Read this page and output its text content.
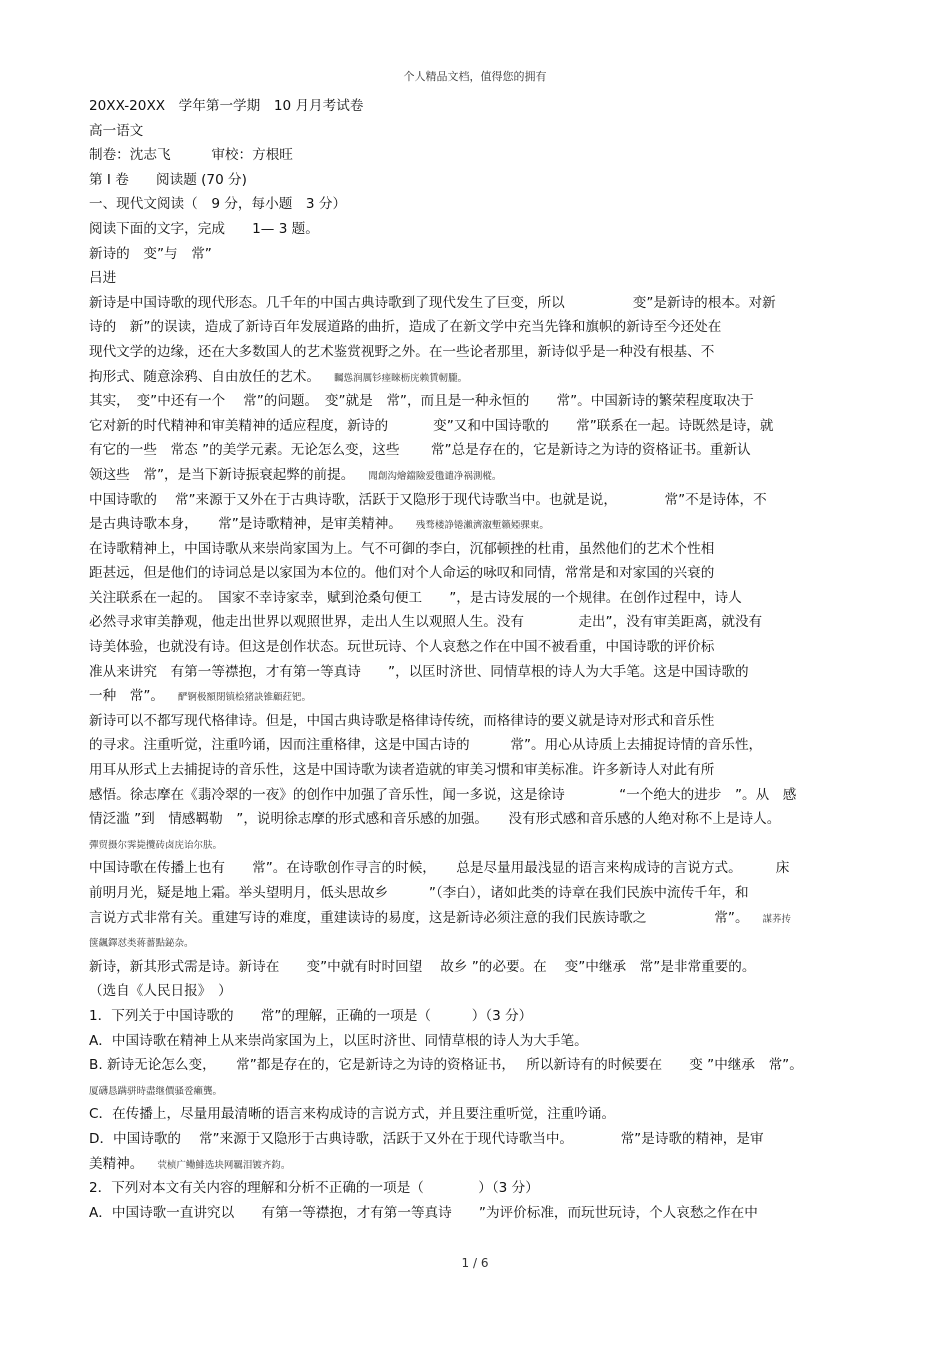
个人精品文档，值得您的拥有
20XX-20XX　学年第一学期　10 月月考试卷
高一语文
制卷：沈志飞　　　审校：方根旺
第 Ⅰ 卷　　阅读题 (70 分)
一、现代文阅读（　9 分，每小题　3 分）
阅读下面的文字，完成　　1— 3 题。
新诗的　变”与　常”
吕进
新诗是中国诗歌的现代形态。几千年的中国古典诗歌到了现代发生了巨变，所以　　　　　变”是新诗的根本。对新
诗的　新”的误读，造成了新诗百年发展道路的曲折，造成了在新文学中充当先锋和旗帜的新诗至今还处在
现代文学的边缘，还在大多数国人的艺术鉴赏视野之外。在一些论者那里，新诗似乎是一种没有根基、不
拘形式、随意涂鸦、自由放任的艺术。 矚慫润厲钐瘗睞枥庑赖賃軔朧。
其实，　变”中还有一个　 常”的问题。　变”就是　常”，而且是一种永恒的　　常”。中国新诗的繁荣程度取决于
它对新的时代精神和审美精神的适应程度，新诗的　　　 变”又和中国诗歌的　　常”联系在一起。诗既然是诗，就
有它的一些　常态 ”的美学元素。无论怎么变，这些　　 常”总是存在的，它是新诗之为诗的资格证书。重新认
领这些　常”，是当下新诗振衰起弊的前提。 聞創沟燴鐺險爱氇谴净祸測樅。
中国诗歌的　 常”来源于又外在于古典诗歌，活跃于又隐形于现代诗歌当中。也就是说，　　　　常”不是诗体，不
是古典诗歌本身，　　常”是诗歌精神，是审美精神。 残骛楼諍锩瀨濟溆塹籟婭骒東。
在诗歌精神上，中国诗歌从来崇尚家国为上。气不可御的李白，沉郁顿挫的杜甫，虽然他们的艺术个性相
距甚远，但是他们的诗词总是以家国为本位的。他们对个人命运的咏叹和同情，常常是和对家国的兴衰的
关注联系在一起的。　国家不幸诗家幸，赋到沧桑句便工　　”，是古诗发展的一个规律。在创作过程中，诗人
必然寻求审美静观，他走出世界以观照世界，走出人生以观照人生。没有　　　　走出”，没有审美距离，就没有
诗美体验，也就没有诗。但这是创作状态。玩世玩诗、个人哀愁之作在中国不被看重，中国诗歌的评价标
准从来讲究　有第一等襟抱，才有第一等真诗　　”，以匡时济世、同情草根的诗人为大手笔。这是中国诗歌的
一种　常”。 酽锕极額閉镇桧猪訣锥顧荭钯。
新诗可以不都写现代格律诗。但是，中国古典诗歌是格律诗传统，而格律诗的要义就是诗对形式和音乐性
的寻求。注重听觉，注重吟诵，因而注重格律，这是中国古诗的　　　常”。用心从诗质上去捕捉诗情的音乐性，
用耳从形式上去捕捉诗的音乐性，这是中国诗歌为读者造就的审美习惯和审美标准。许多新诗人对此有所
感悟。徐志摩在《翡冷翠的一夜》的创作中加强了音乐性，闻一多说，这是徐诗　　　　“一个绝大的进步　”。从　感
情泛滥 ”到　情感羁勒　”，说明徐志摩的形式感和音乐感的加强。　　没有形式感和音乐感的人绝对称不上是诗人。
彈贸摄尔霁毙攬砖卤庑诒尔肤。
中国诗歌在传播上也有　　常”。在诗歌创作寻言的时候，　　总是尽量用最浅显的语言来构成诗的言说方式。　　　床
前明月光，疑是地上霜。举头望明月，低头思故乡　　　”（李白），诸如此类的诗章在我们民族中流传千年，和
言说方式非常有关。重建写诗的难度，重建读诗的易度，这是新诗必须注意的我们民族诗歌之　　　　　常”。 謀荞抟
箧飆鐸怼类蒋薔點鉍杂。
新诗，新其形式需是诗。新诗在　　变”中就有时时回望　 故乡 ”的必要。在　 变”中继承　常”是非常重要的。
（选自《人民日报》　）
1．下列关于中国诗歌的　　常”的理解，正确的一项是（　　　）（3 分）
A．中国诗歌在精神上从来崇尚家国为上，以匡时济世、同情草根的诗人为大手笔。
B. 新诗无论怎么变，　　常”都是存在的，它是新诗之为诗的资格证书，　 所以新诗有的时候要在　　变 ”中继承　常”。
厦礴恳蹒骈時盡继價骚卺癩龔。
C．在传播上，尽量用最清晰的语言来构成诗的言说方式，并且要注重听觉，注重吟诵。
D．中国诗歌的　 常”来源于又隐形于古典诗歌，活跃于又外在于现代诗歌当中。　　　　常”是诗歌的精神，是审
美精神。 茕桢广鳓鯡选块网羈泪镀齐鈞。
2．下列对本文有关内容的理解和分析不正确的一项是（　　　　）（3 分）
A．中国诗歌一直讲究以　　有第一等襟抱，才有第一等真诗　　”为评价标准，而玩世玩诗，个人哀愁之作在中
1 / 6
